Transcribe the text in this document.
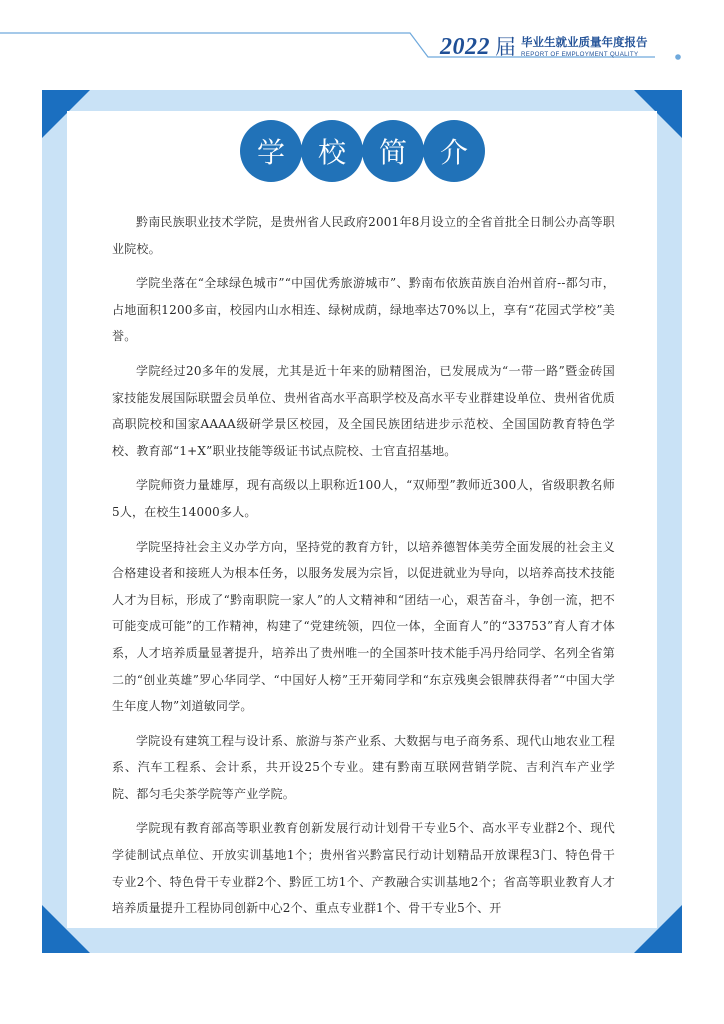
2022 届 毕业生就业质量年度报告
REPORT OF EMPLOYMENT QUALITY
学	校	简	介

黔南民族职业技术学院，是贵州省人民政府2001年8月设立的全省首批全日制公办高等职业院校。

学院坐落在“全球绿色城市”“中国优秀旅游城市”、黔南布依族苗族自治州首府--都匀市，占地面积1200多亩，校园内山水相连、绿树成荫，绿地率达70%以上，享有“花园式学校”美誉。

学院经过20多年的发展，尤其是近十年来的励精图治，已发展成为“一带一路”暨金砖国家技能发展国际联盟会员单位、贵州省高水平高职学校及高水平专业群建设单位、贵州省优质高职院校和国家AAAA级研学景区校园，及全国民族团结进步示范校、全国国防教育特色学校、教育部“1+X”职业技能等级证书试点院校、士官直招基地。

学院师资力量雄厚，现有高级以上职称近100人，“双师型”教师近300人，省级职教名师5人，在校生14000多人。

学院坚持社会主义办学方向，坚持党的教育方针，以培养德智体美劳全面发展的社会主义合格建设者和接班人为根本任务，以服务发展为宗旨，以促进就业为导向，以培养高技术技能人才为目标，形成了“黔南职院一家人”的人文精神和“团结一心，艰苦奋斗，争创一流，把不可能变成可能”的工作精神，构建了“党建统领，四位一体，全面育人”的“33753”育人育才体系，人才培养质量显著提升，培养出了贵州唯一的全国茶叶技术能手冯丹给同学、名列全省第二的“创业英雄”罗心华同学、“中国好人榜”王开菊同学和“东京残奥会银牌获得者”“中国大学生年度人物”刘道敏同学。

学院设有建筑工程与设计系、旅游与茶产业系、大数据与电子商务系、现代山地农业工程系、汽车工程系、会计系，共开设25个专业。建有黔南互联网营销学院、吉利汽车产业学院、都匀毛尖茶学院等产业学院。

学院现有教育部高等职业教育创新发展行动计划骨干专业5个、高水平专业群2个、现代学徒制试点单位、开放实训基地1个；贵州省兴黔富民行动计划精品开放课程3门、特色骨干专业2个、特色骨干专业群2个、黔匠工坊1个、产教融合实训基地2个；省高等职业教育人才培养质量提升工程协同创新中心2个、重点专业群1个、骨干专业5个、开
